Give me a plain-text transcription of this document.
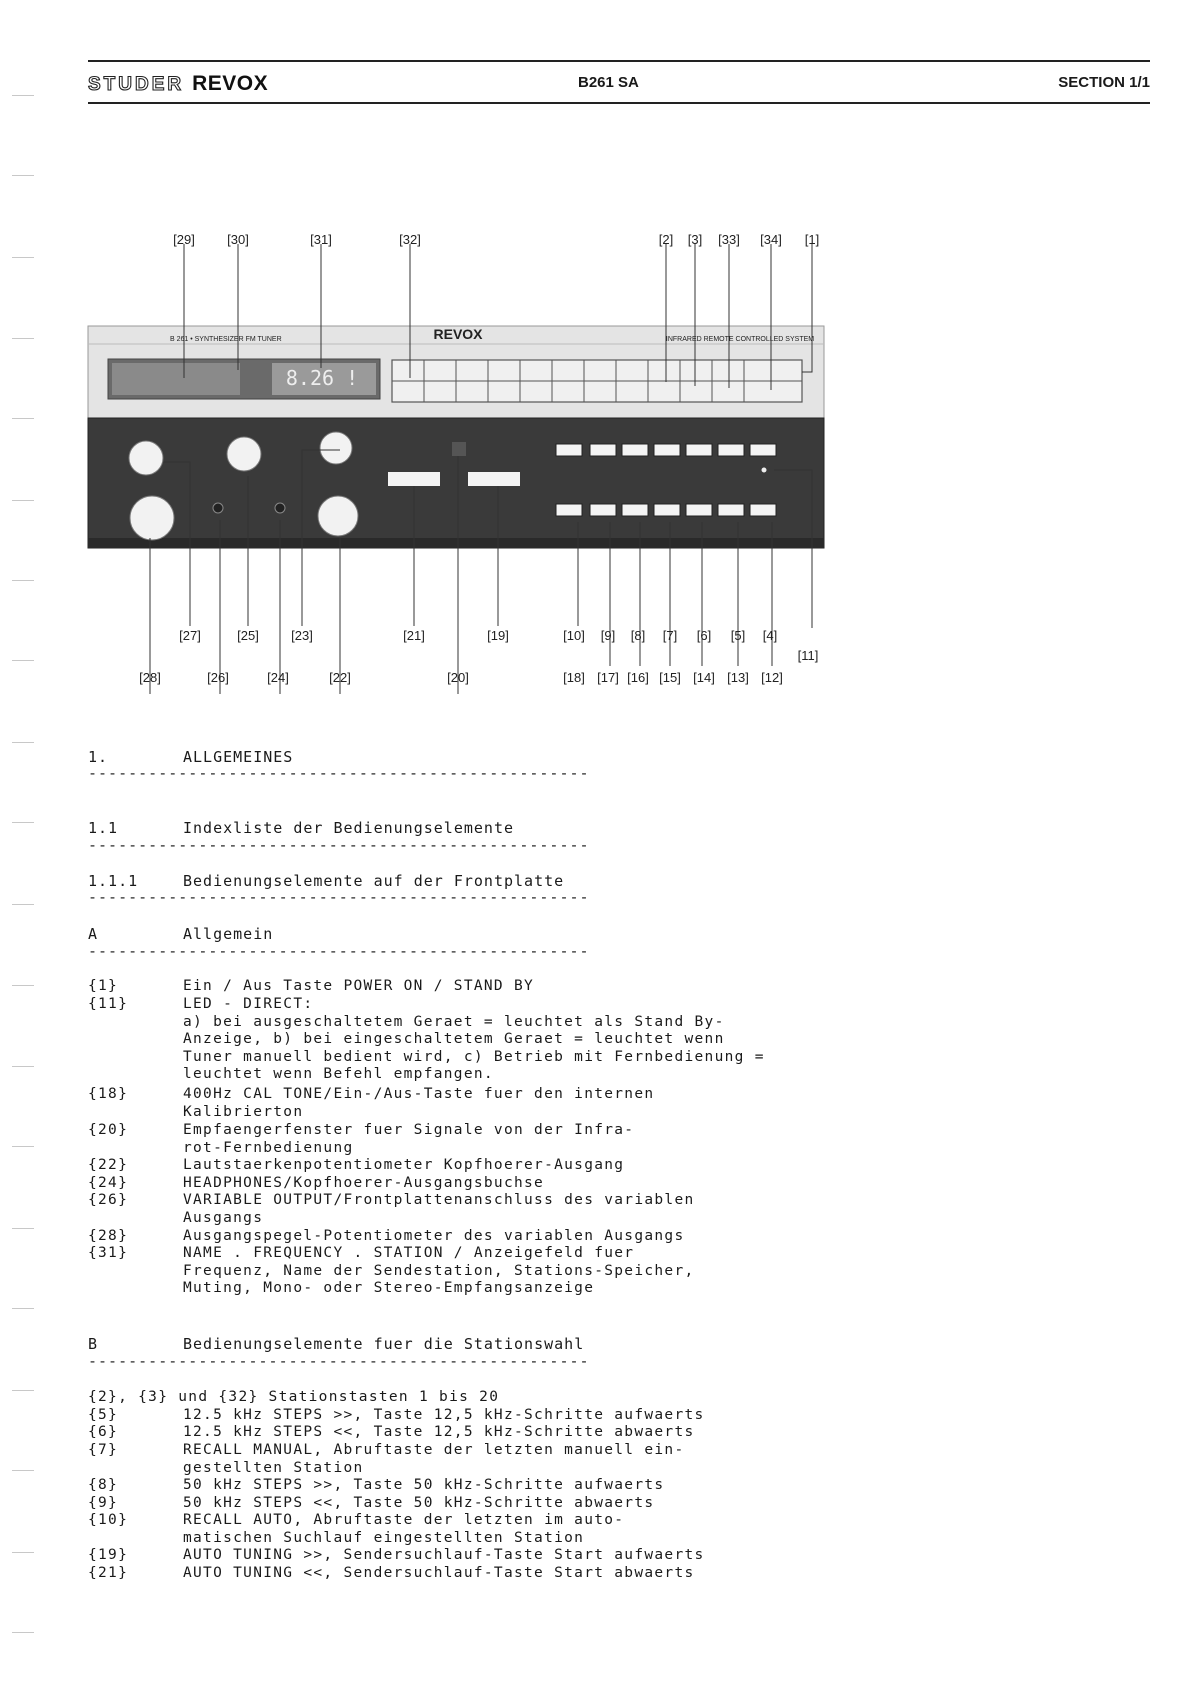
STUDER REVOX	B261 SA	SECTION 1/1
B 261 • SYNTHESIZER FM TUNER	REVOX	INFRARED REMOTE CONTROLLED SYSTEM
8.26 !
[29] [30]	[31]	[32]	[2] [3] [33] [34] [1]
[27]	[25] [23]	[21]	[19]	[10] [9] [8] [7] [6] [5] [4]
[11]
[28]	[26]	[24]	[22]	[20]	[18] [17] [16] [15] [14] [13] [12]

1.

	ALLGEMEINES

--------------------------------------------------

1.1

	Indexliste der Bedienungselemente

--------------------------------------------------

1.1.1

	Bedienungselemente auf der Frontplatte

--------------------------------------------------

A

	Allgemein

--------------------------------------------------
{1}	Ein / Aus Taste POWER ON / STAND BY
{11}	LED - DIRECT:
a) bei ausgeschaltetem Geraet = leuchtet als Stand By-
Anzeige, b) bei eingeschaltetem Geraet = leuchtet wenn
Tuner manuell bedient wird, c) Betrieb mit Fernbedienung =
leuchtet wenn Befehl empfangen.
{18}	400Hz CAL TONE/Ein-/Aus-Taste fuer den internen
Kalibrierton
{20}	Empfaengerfenster fuer Signale von der Infra-
rot-Fernbedienung
{22}	Lautstaerkenpotentiometer Kopfhoerer-Ausgang
{24}	HEADPHONES/Kopfhoerer-Ausgangsbuchse
{26}	VARIABLE OUTPUT/Frontplattenanschluss des variablen
Ausgangs
{28}	Ausgangspegel-Potentiometer des variablen Ausgangs
{31}	NAME . FREQUENCY . STATION / Anzeigefeld fuer
Frequenz, Name der Sendestation, Stations-Speicher,
Muting, Mono- oder Stereo-Empfangsanzeige

B

	Bedienungselemente fuer die Stationswahl

--------------------------------------------------
{2}, {3} und {32} Stationstasten 1 bis 20
{5}	12.5 kHz STEPS >>, Taste 12,5 kHz-Schritte aufwaerts
{6}	12.5 kHz STEPS <<, Taste 12,5 kHz-Schritte abwaerts
{7}	RECALL MANUAL, Abruftaste der letzten manuell ein-
gestellten Station
{8}	50 kHz STEPS >>, Taste 50 kHz-Schritte aufwaerts
{9}	50 kHz STEPS <<, Taste 50 kHz-Schritte abwaerts
{10}	RECALL AUTO, Abruftaste der letzten im auto-
matischen Suchlauf eingestellten Station
{19}	AUTO TUNING >>, Sendersuchlauf-Taste Start aufwaerts
{21}	AUTO TUNING <<, Sendersuchlauf-Taste Start abwaerts
